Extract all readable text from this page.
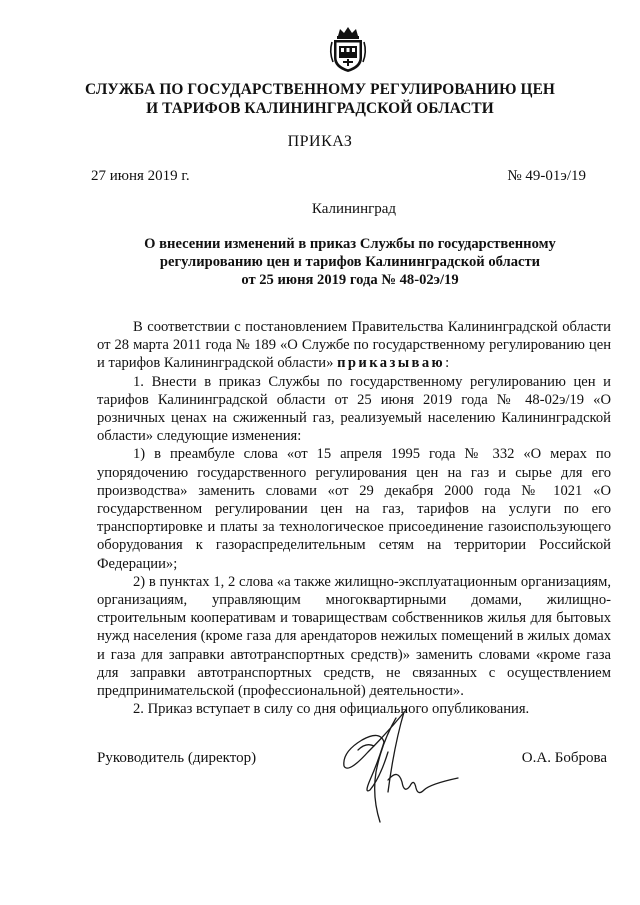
СЛУЖБА ПО ГОСУДАРСТВЕННОМУ РЕГУЛИРОВАНИЮ ЦЕН
И ТАРИФОВ КАЛИНИНГРАДСКОЙ ОБЛАСТИ
ПРИКАЗ
27 июня 2019 г.	№ 49-01э/19
Калининград
О внесении изменений в приказ Службы по государственному
регулированию цен и тарифов Калининградской области
от 25 июня 2019 года № 48-02э/19

В соответствии с постановлением Правительства Калининградской области от 28 марта 2011 года № 189 «О Службе по государственному регулированию цен и тарифов Калининградской области» приказываю:

1. Внести в приказ Службы по государственному регулированию цен и тарифов Калининградской области от 25 июня 2019 года № 48-02э/19 «О розничных ценах на сжиженный газ, реализуемый населению Калининградской области» следующие изменения:

1) в преамбуле слова «от 15 апреля 1995 года № 332 «О мерах по упорядочению государственного регулирования цен на газ и сырье для его производства» заменить словами «от 29 декабря 2000 года № 1021 «О государственном регулировании цен на газ, тарифов на услуги по его транспортировке и платы за технологическое присоединение газоиспользующего оборудования к газораспределительным сетям на территории Российской Федерации»;

2) в пунктах 1, 2 слова «а также жилищно-эксплуатационным организациям, организациям, управляющим многоквартирными домами, жилищно-строительным кооперативам и товариществам собственников жилья для бытовых нужд населения (кроме газа для арендаторов нежилых помещений в жилых домах и газа для заправки автотранспортных средств)» заменить словами «кроме газа для заправки автотранспортных средств, не связанных с осуществлением предпринимательской (профессиональной) деятельности».

2. Приказ вступает в силу со дня официального опубликования.

Руководитель (директор)	О.А. Боброва
